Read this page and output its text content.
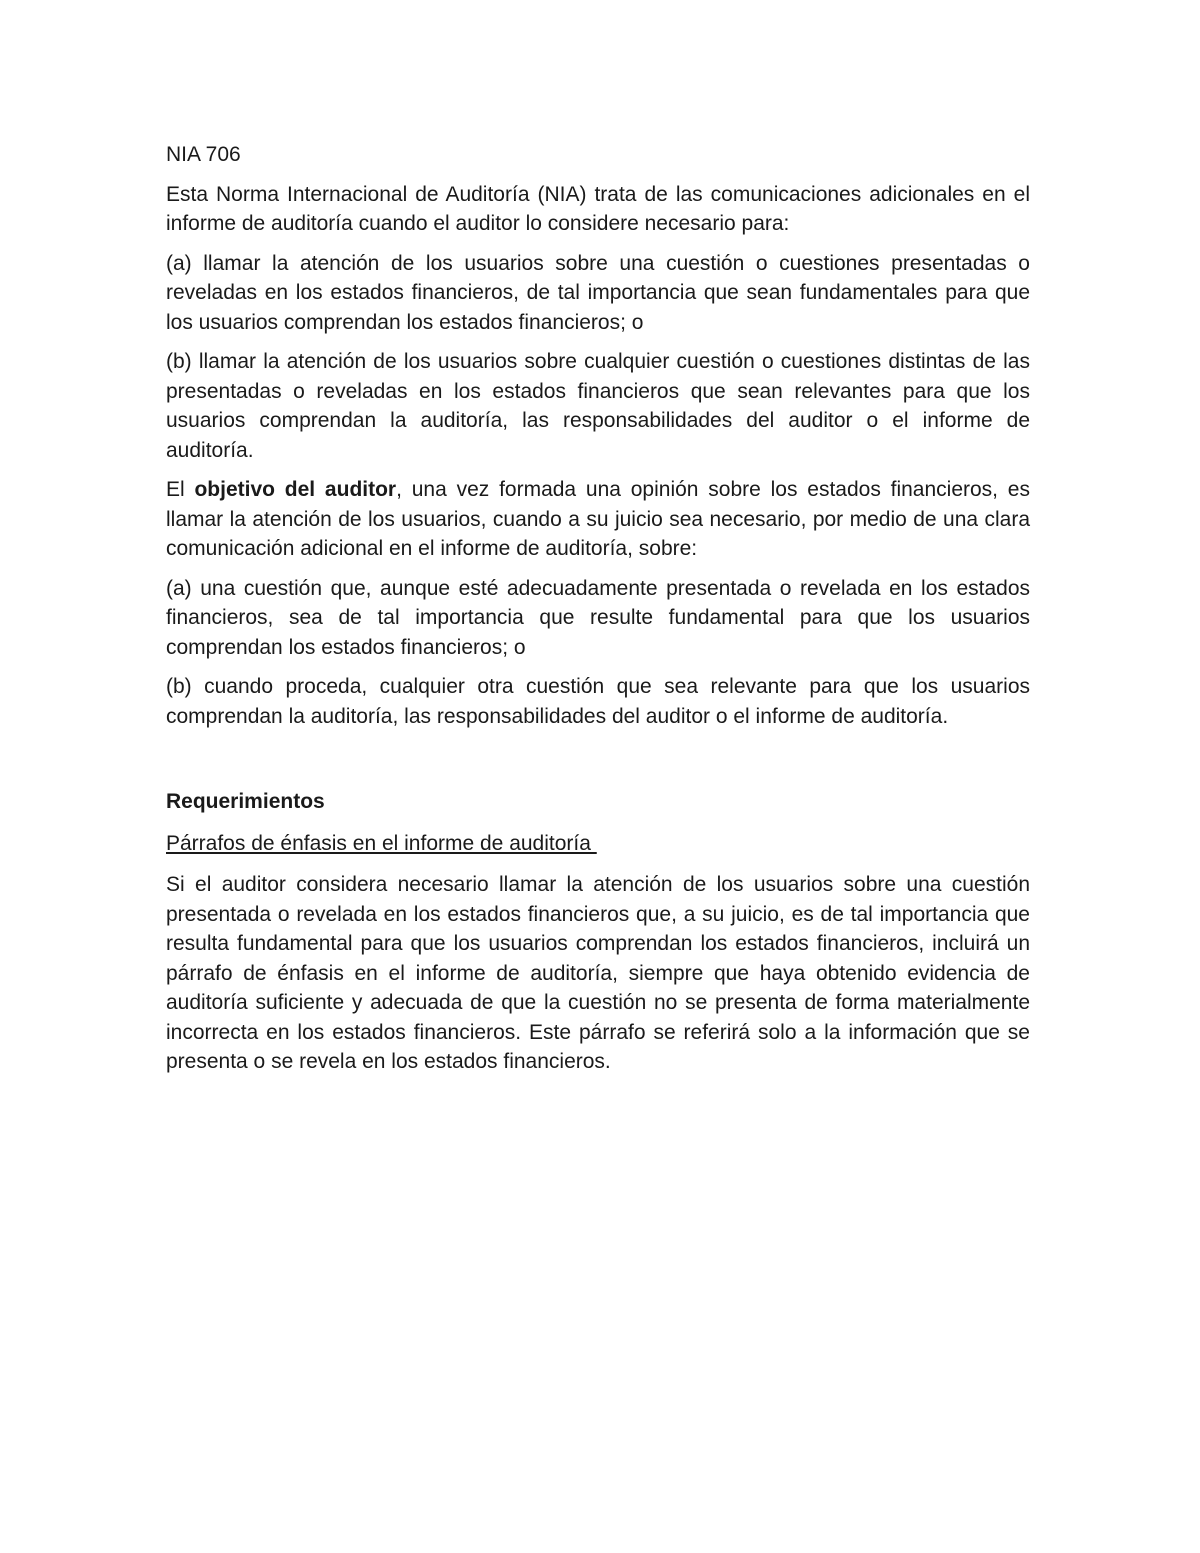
NIA 706

Esta Norma Internacional de Auditoría (NIA) trata de las comunicaciones adicionales en el informe de auditoría cuando el auditor lo considere necesario para:

(a) llamar la atención de los usuarios sobre una cuestión o cuestiones presentadas o reveladas en los estados financieros, de tal importancia que sean fundamentales para que los usuarios comprendan los estados financieros; o

(b) llamar la atención de los usuarios sobre cualquier cuestión o cuestiones distintas de las presentadas o reveladas en los estados financieros que sean relevantes para que los usuarios comprendan la auditoría, las responsabilidades del auditor o el informe de auditoría.

El objetivo del auditor, una vez formada una opinión sobre los estados financieros, es llamar la atención de los usuarios, cuando a su juicio sea necesario, por medio de una clara comunicación adicional en el informe de auditoría, sobre:

(a) una cuestión que, aunque esté adecuadamente presentada o revelada en los estados financieros, sea de tal importancia que resulte fundamental para que los usuarios comprendan los estados financieros; o

(b) cuando proceda, cualquier otra cuestión que sea relevante para que los usuarios comprendan la auditoría, las responsabilidades del auditor o el informe de auditoría.

Requerimientos

Párrafos de énfasis en el informe de auditoría

Si el auditor considera necesario llamar la atención de los usuarios sobre una cuestión presentada o revelada en los estados financieros que, a su juicio, es de tal importancia que resulta fundamental para que los usuarios comprendan los estados financieros, incluirá un párrafo de énfasis en el informe de auditoría, siempre que haya obtenido evidencia de auditoría suficiente y adecuada de que la cuestión no se presenta de forma materialmente incorrecta en los estados financieros. Este párrafo se referirá solo a la información que se presenta o se revela en los estados financieros.
